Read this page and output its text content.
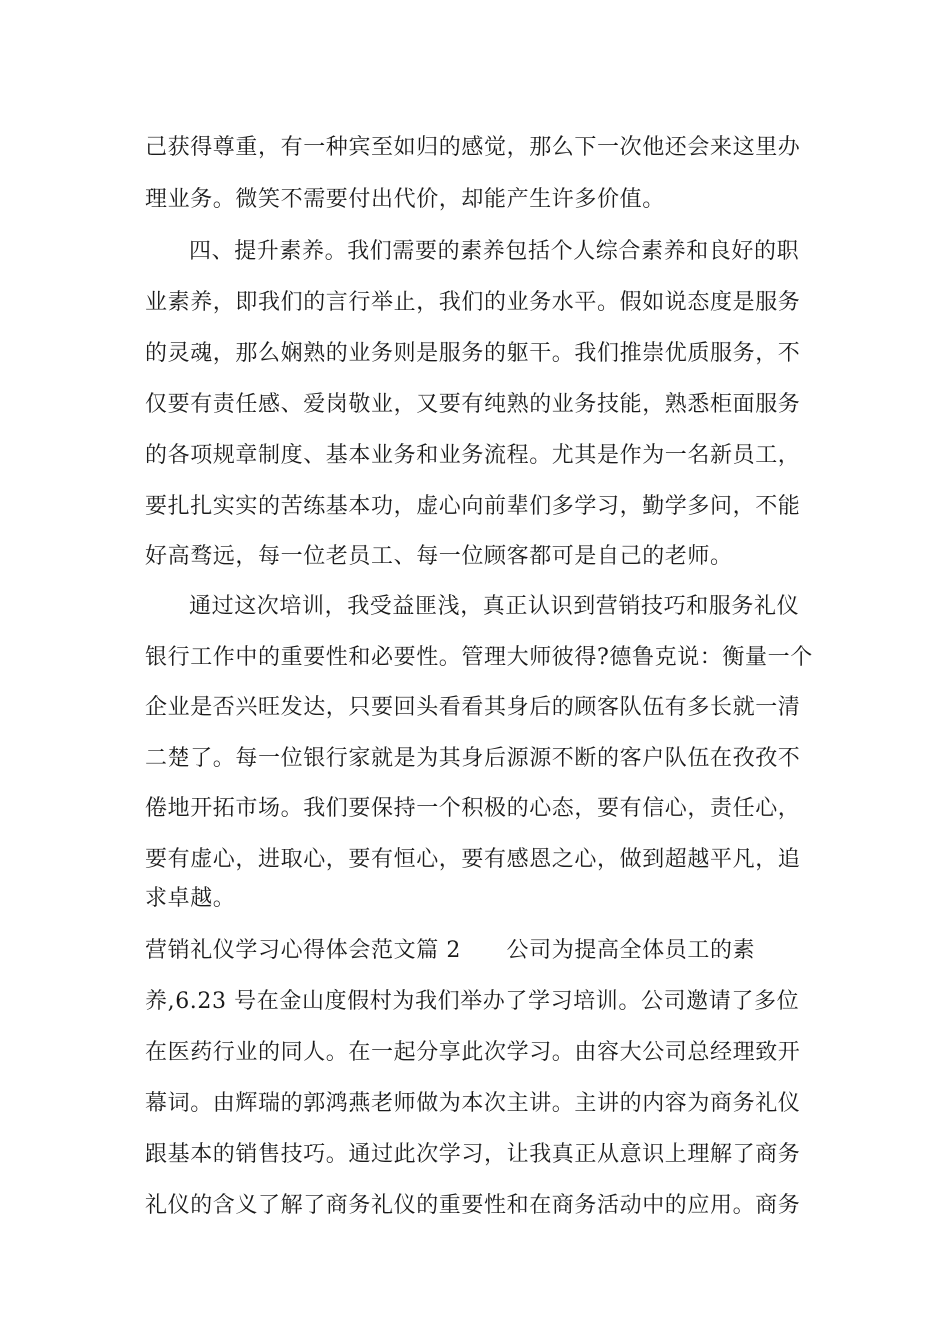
己获得尊重，有一种宾至如归的感觉，那么下一次他还会来这里办
理业务。微笑不需要付出代价，却能产生许多价值。
四、提升素养。我们需要的素养包括个人综合素养和良好的职
业素养，即我们的言行举止，我们的业务水平。假如说态度是服务
的灵魂，那么娴熟的业务则是服务的躯干。我们推崇优质服务，不
仅要有责任感、爱岗敬业，又要有纯熟的业务技能，熟悉柜面服务
的各项规章制度、基本业务和业务流程。尤其是作为一名新员工，
要扎扎实实的苦练基本功，虚心向前辈们多学习，勤学多问，不能
好高骛远，每一位老员工、每一位顾客都可是自己的老师。
通过这次培训，我受益匪浅，真正认识到营销技巧和服务礼仪
银行工作中的重要性和必要性。管理大师彼得?德鲁克说：衡量一个
企业是否兴旺发达，只要回头看看其身后的顾客队伍有多长就一清
二楚了。每一位银行家就是为其身后源源不断的客户队伍在孜孜不
倦地开拓市场。我们要保持一个积极的心态，要有信心，责任心，
要有虚心，进取心，要有恒心，要有感恩之心，做到超越平凡，追
求卓越。
营销礼仪学习心得体会范文篇 2      公司为提高全体员工的素
养,6.23 号在金山度假村为我们举办了学习培训。公司邀请了多位
在医药行业的同人。在一起分享此次学习。由容大公司总经理致开
幕词。由辉瑞的郭鸿燕老师做为本次主讲。主讲的内容为商务礼仪
跟基本的销售技巧。通过此次学习，让我真正从意识上理解了商务
礼仪的含义了解了商务礼仪的重要性和在商务活动中的应用。商务
